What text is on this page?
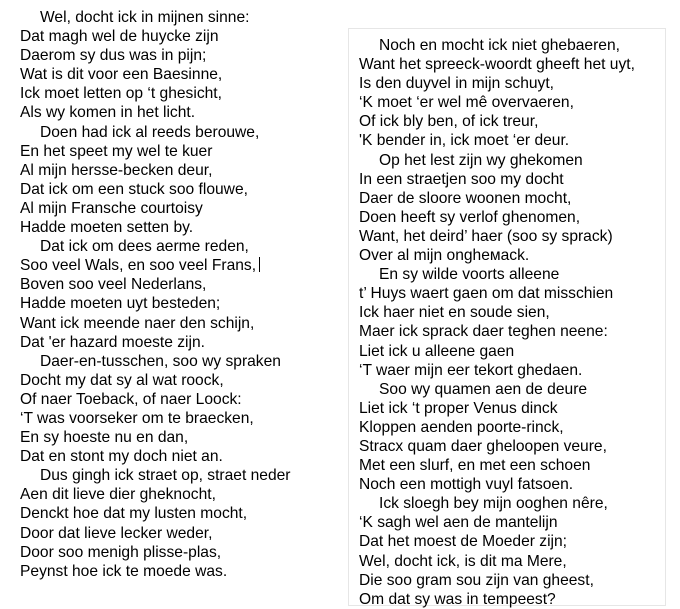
Wel, docht ick in mijnen sinne:
Dat magh wel de huycke zijn
Daerom sy dus was in pijn;
Wat is dit voor een Baesinne,
Ick moet letten op ‘t ghesicht,
Als wy komen in het licht.
Doen had ick al reeds berouwe,
En het speet my wel te kuer
Al mijn hersse-becken deur,
Dat ick om een stuck soo flouwe,
Al mijn Fransche courtoisy
Hadde moeten setten by.
Dat ick om dees aerme reden,
Soo veel Wals, en soo veel Frans,
Boven soo veel Nederlans,
Hadde moeten uyt besteden;
Want ick meende naer den schijn,
Dat 'er hazard moeste zijn.
Daer-en-tusschen, soo wy spraken
Docht my dat sy al wat roock,
Of naer Toeback, of naer Loock:
‘T was voorseker om te braecken,
En sy hoeste nu en dan,
Dat en stont my doch niet an.
Dus gingh ick straet op, straet neder
Aen dit lieve dier gheknocht,
Denckt hoe dat my lusten mocht,
Door dat lieve lecker weder,
Door soo menigh plisse-plas,
Peynst hoe ick te moede was.
Noch en mocht ick niet ghebaeren,
Want het spreeck-woordt gheeft het uyt,
Is den duyvel in mijn schuyt,
‘K moet ‘er wel mê overvaeren,
Of ick bly ben, of ick treur,
'K bender in, ick moet ‘er deur.
Op het lest zijn wy ghekomen
In een straetjen soo my docht
Daer de sloore woonen mocht,
Doen heeft sy verlof ghenomen,
Want, het deird’ haer (soo sy sprack)
Over al mijn ongheмack.
En sy wilde voorts alleene
t’ Huys waert gaen om dat misschien
Ick haer niet en soude sien,
Maer ick sprack daer teghen neene:
Liet ick u alleene gaen
‘T waer mijn eer tekort ghedaen.
Soo wy quamen aen de deure
Liet ick ‘t proper Venus dinck
Kloppen aenden poorte-rinck,
Stracx quam daer gheloopen veure,
Met een slurf, en met een schoen
Noch een mottigh vuyl fatsoen.
Ick sloegh bey mijn ooghen nêre,
‘K sagh wel aen de mantelijn
Dat het moest de Moeder zijn;
Wel, docht ick, is dit ma Mere,
Die soo gram sou zijn van gheest,
Om dat sy was in tempeest?
